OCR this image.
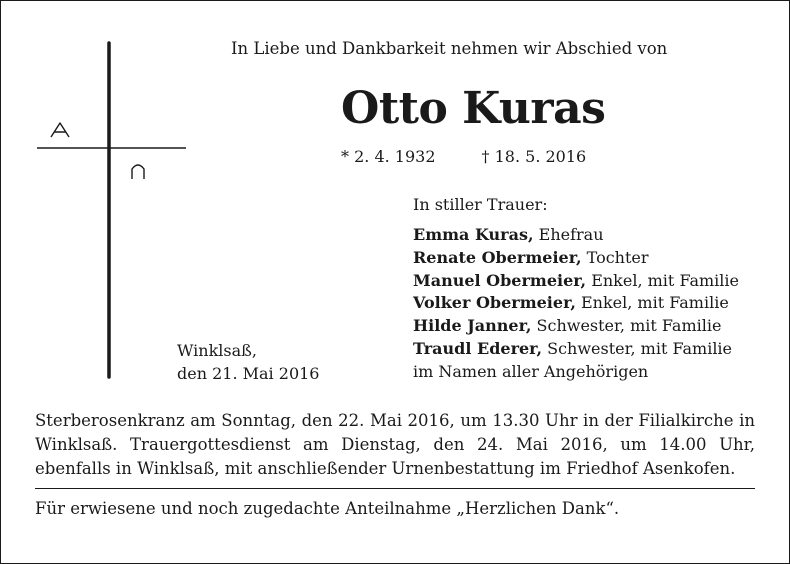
In Liebe und Dankbarkeit nehmen wir Abschied von
Otto Kuras
* 2. 4. 1932	† 18. 5. 2016
In stiller Trauer:
Emma Kuras, Ehefrau
Renate Obermeier, Tochter
Manuel Obermeier, Enkel, mit Familie
Volker Obermeier, Enkel, mit Familie
Hilde Janner, Schwester, mit Familie
Traudl Ederer, Schwester, mit Familie
im Namen aller Angehörigen
Winklsaß,
den 21. Mai 2016
Sterberosenkranz am Sonntag, den 22. Mai 2016, um 13.30 Uhr in der Filialkirche in Winklsaß. Trauergottesdienst am Dienstag, den 24. Mai 2016, um 14.00 Uhr, ebenfalls in Winklsaß, mit anschließender Urnenbestattung im Friedhof Asenkofen.
Für erwiesene und noch zugedachte Anteilnahme „Herzlichen Dank“.
